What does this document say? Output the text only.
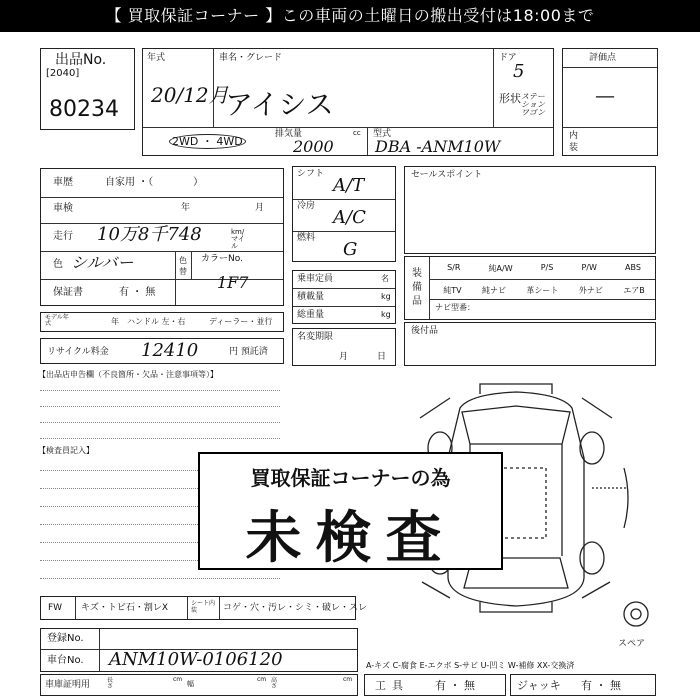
【 買取保証コーナー 】この車両の土曜日の搬出受付は18:00まで
出品No.
[2040]
80234
年式
20/12月
車名・グレード
アイシス
ドア
5
形状 ステーションワゴン
2WD ・ 4WD
排気量	cc
2000
型式
DBA -ANM10W
評価点
—
内装
車歴	自家用 ・（　　　　）
車検	年	月
走行 10万8千748	km/マイル
色 シルバー	色替
カラーNo.
1F7
保証書	有 ・ 無
モデル年式	年 ハンドル 左・右	ディーラー・並行
リサイクル料金 12410	円 預託済
シフト
A/T
冷房
A/C
燃料
G
乗車定員	名
積載量	kg
総重量	kg
名変期限
月	日
セールスポイント
装備品
S/R	純A/W	P/S	P/W	ABS
純TV	純ナビ	革シート	外ナビ	エアB
ナビ型番：
後付品
【出品店申告欄（不良箇所・欠品・注意事項等）】
【検査員記入】
スペア
買取保証コーナーの為
未検査
FW キズ・トビ石・割レX	シート内装	コゲ・穴・汚レ・シミ・破レ・スレ
登録No.
車台No. ANM10W-0106120
車庫証明用	長さ
cm
幅
cm 高さ
cm
A-キズ C-腐食 E-エクボ S-サビ U-凹ミ W-補修 XX-交換済
工具 有 ・ 無	ジャッキ 有 ・ 無
